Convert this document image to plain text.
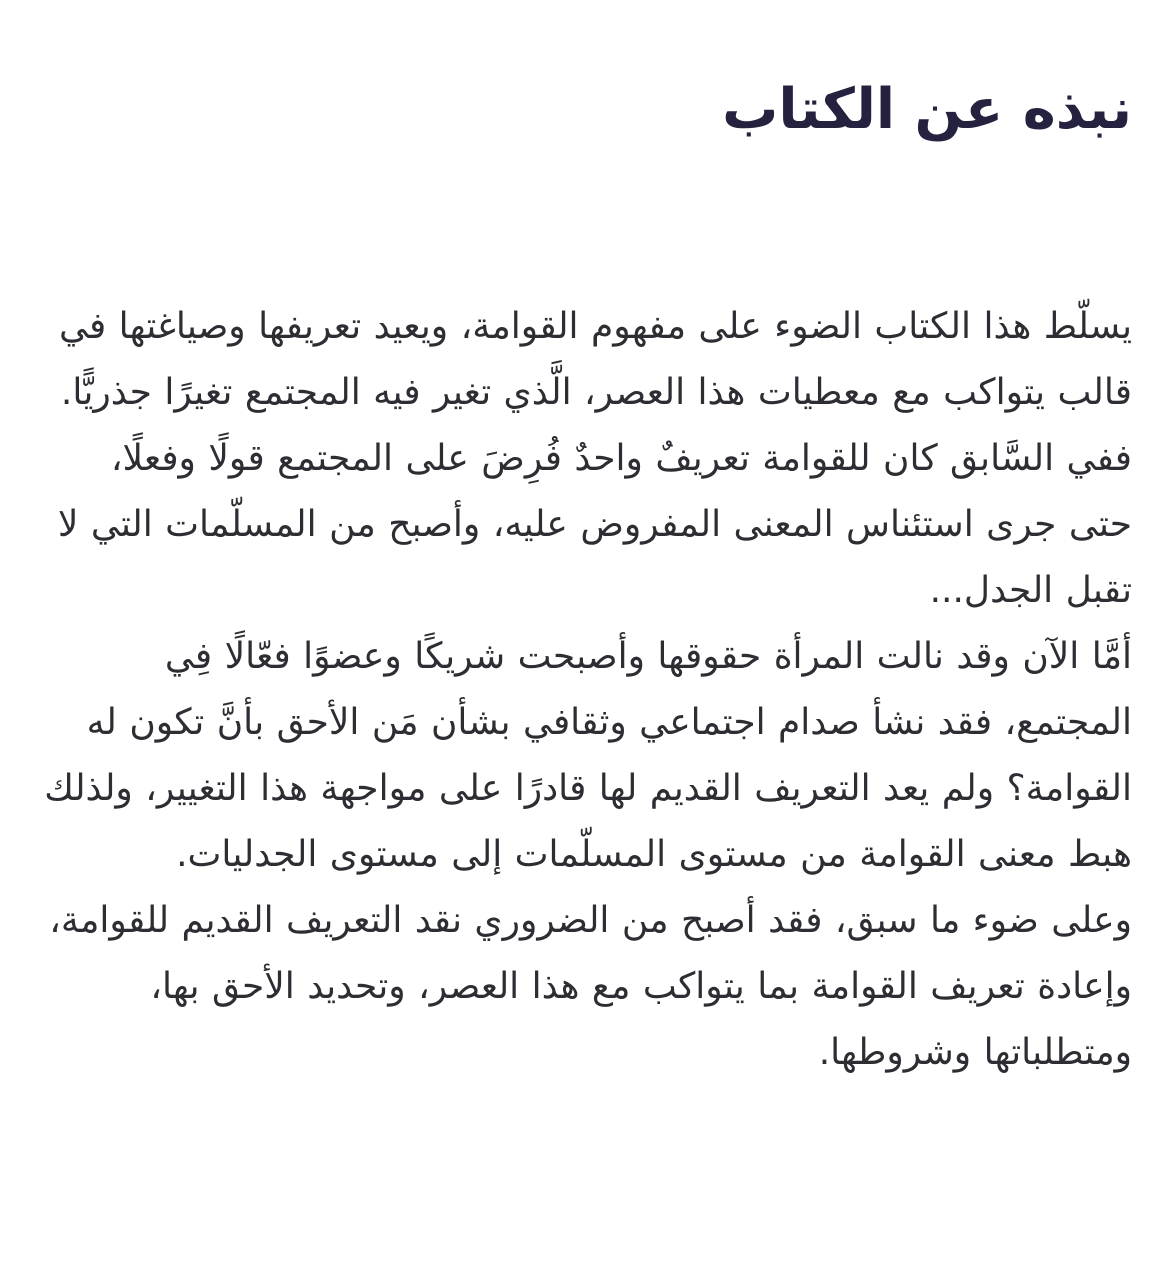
نبذه عن الكتاب

يسلّط هذا الكتاب الضوء على مفهوم القوامة، ويعيد تعريفها وصياغتها في قالب يتواكب مع معطيات هذا العصر، الَّذي تغير فيه المجتمع تغيرًا جذريًّا. ففي السَّابق كان للقوامة تعريفٌ واحدٌ فُرِضَ على المجتمع قولًا وفعلًا، حتى جرى استئناس المعنى المفروض عليه، وأصبح من المسلّمات التي لا تقبل الجدل...

أمَّا الآن وقد نالت المرأة حقوقها وأصبحت شريكًا وعضوًا فعّالًا فِي المجتمع، فقد نشأ صدام اجتماعي وثقافي بشأن مَن الأحق بأنَّ تكون له القوامة؟ ولم يعد التعريف القديم لها قادرًا على مواجهة هذا التغيير، ولذلك هبط معنى القوامة من مستوى المسلّمات إلى مستوى الجدليات.

وعلى ضوء ما سبق، فقد أصبح من الضروري نقد التعريف القديم للقوامة، وإعادة تعريف القوامة بما يتواكب مع هذا العصر، وتحديد الأحق بها، ومتطلباتها وشروطها.
